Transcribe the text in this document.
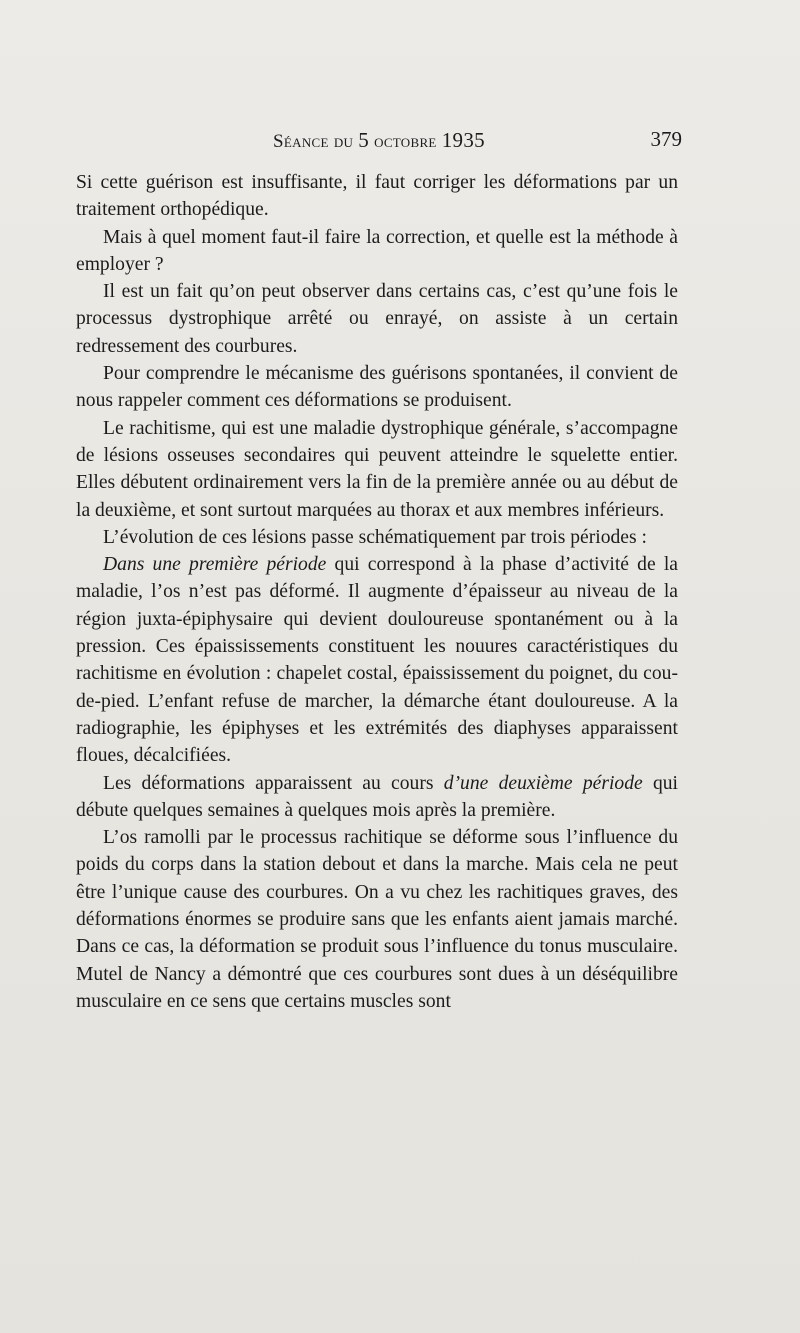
Séance du 5 octobre 1935	379

Si cette guérison est insuffisante, il faut corriger les déformations par un traitement orthopédique.

Mais à quel moment faut-il faire la correction, et quelle est la méthode à employer ?

Il est un fait qu’on peut observer dans certains cas, c’est qu’une fois le processus dystrophique arrêté ou enrayé, on assiste à un certain redressement des courbures.

Pour comprendre le mécanisme des guérisons spontanées, il convient de nous rappeler comment ces déformations se produisent.

Le rachitisme, qui est une maladie dystrophique générale, s’accompagne de lésions osseuses secondaires qui peuvent atteindre le squelette entier. Elles débutent ordinairement vers la fin de la première année ou au début de la deuxième, et sont surtout marquées au thorax et aux membres inférieurs.

L’évolution de ces lésions passe schématiquement par trois périodes :

Dans une première période qui correspond à la phase d’activité de la maladie, l’os n’est pas déformé. Il augmente d’épaisseur au niveau de la région juxta-épiphysaire qui devient douloureuse spontanément ou à la pression. Ces épaississements constituent les nouures caractéristiques du rachitisme en évolution : chapelet costal, épaississement du poignet, du cou-de-pied. L’enfant refuse de marcher, la démarche étant douloureuse. A la radiographie, les épiphyses et les extrémités des diaphyses apparaissent floues, décalcifiées.

Les déformations apparaissent au cours d’une deuxième période qui débute quelques semaines à quelques mois après la première.

L’os ramolli par le processus rachitique se déforme sous l’influence du poids du corps dans la station debout et dans la marche. Mais cela ne peut être l’unique cause des courbures. On a vu chez les rachitiques graves, des déformations énormes se produire sans que les enfants aient jamais marché. Dans ce cas, la déformation se produit sous l’influence du tonus musculaire. Mutel de Nancy a démontré que ces courbures sont dues à un déséquilibre musculaire en ce sens que certains muscles sont
